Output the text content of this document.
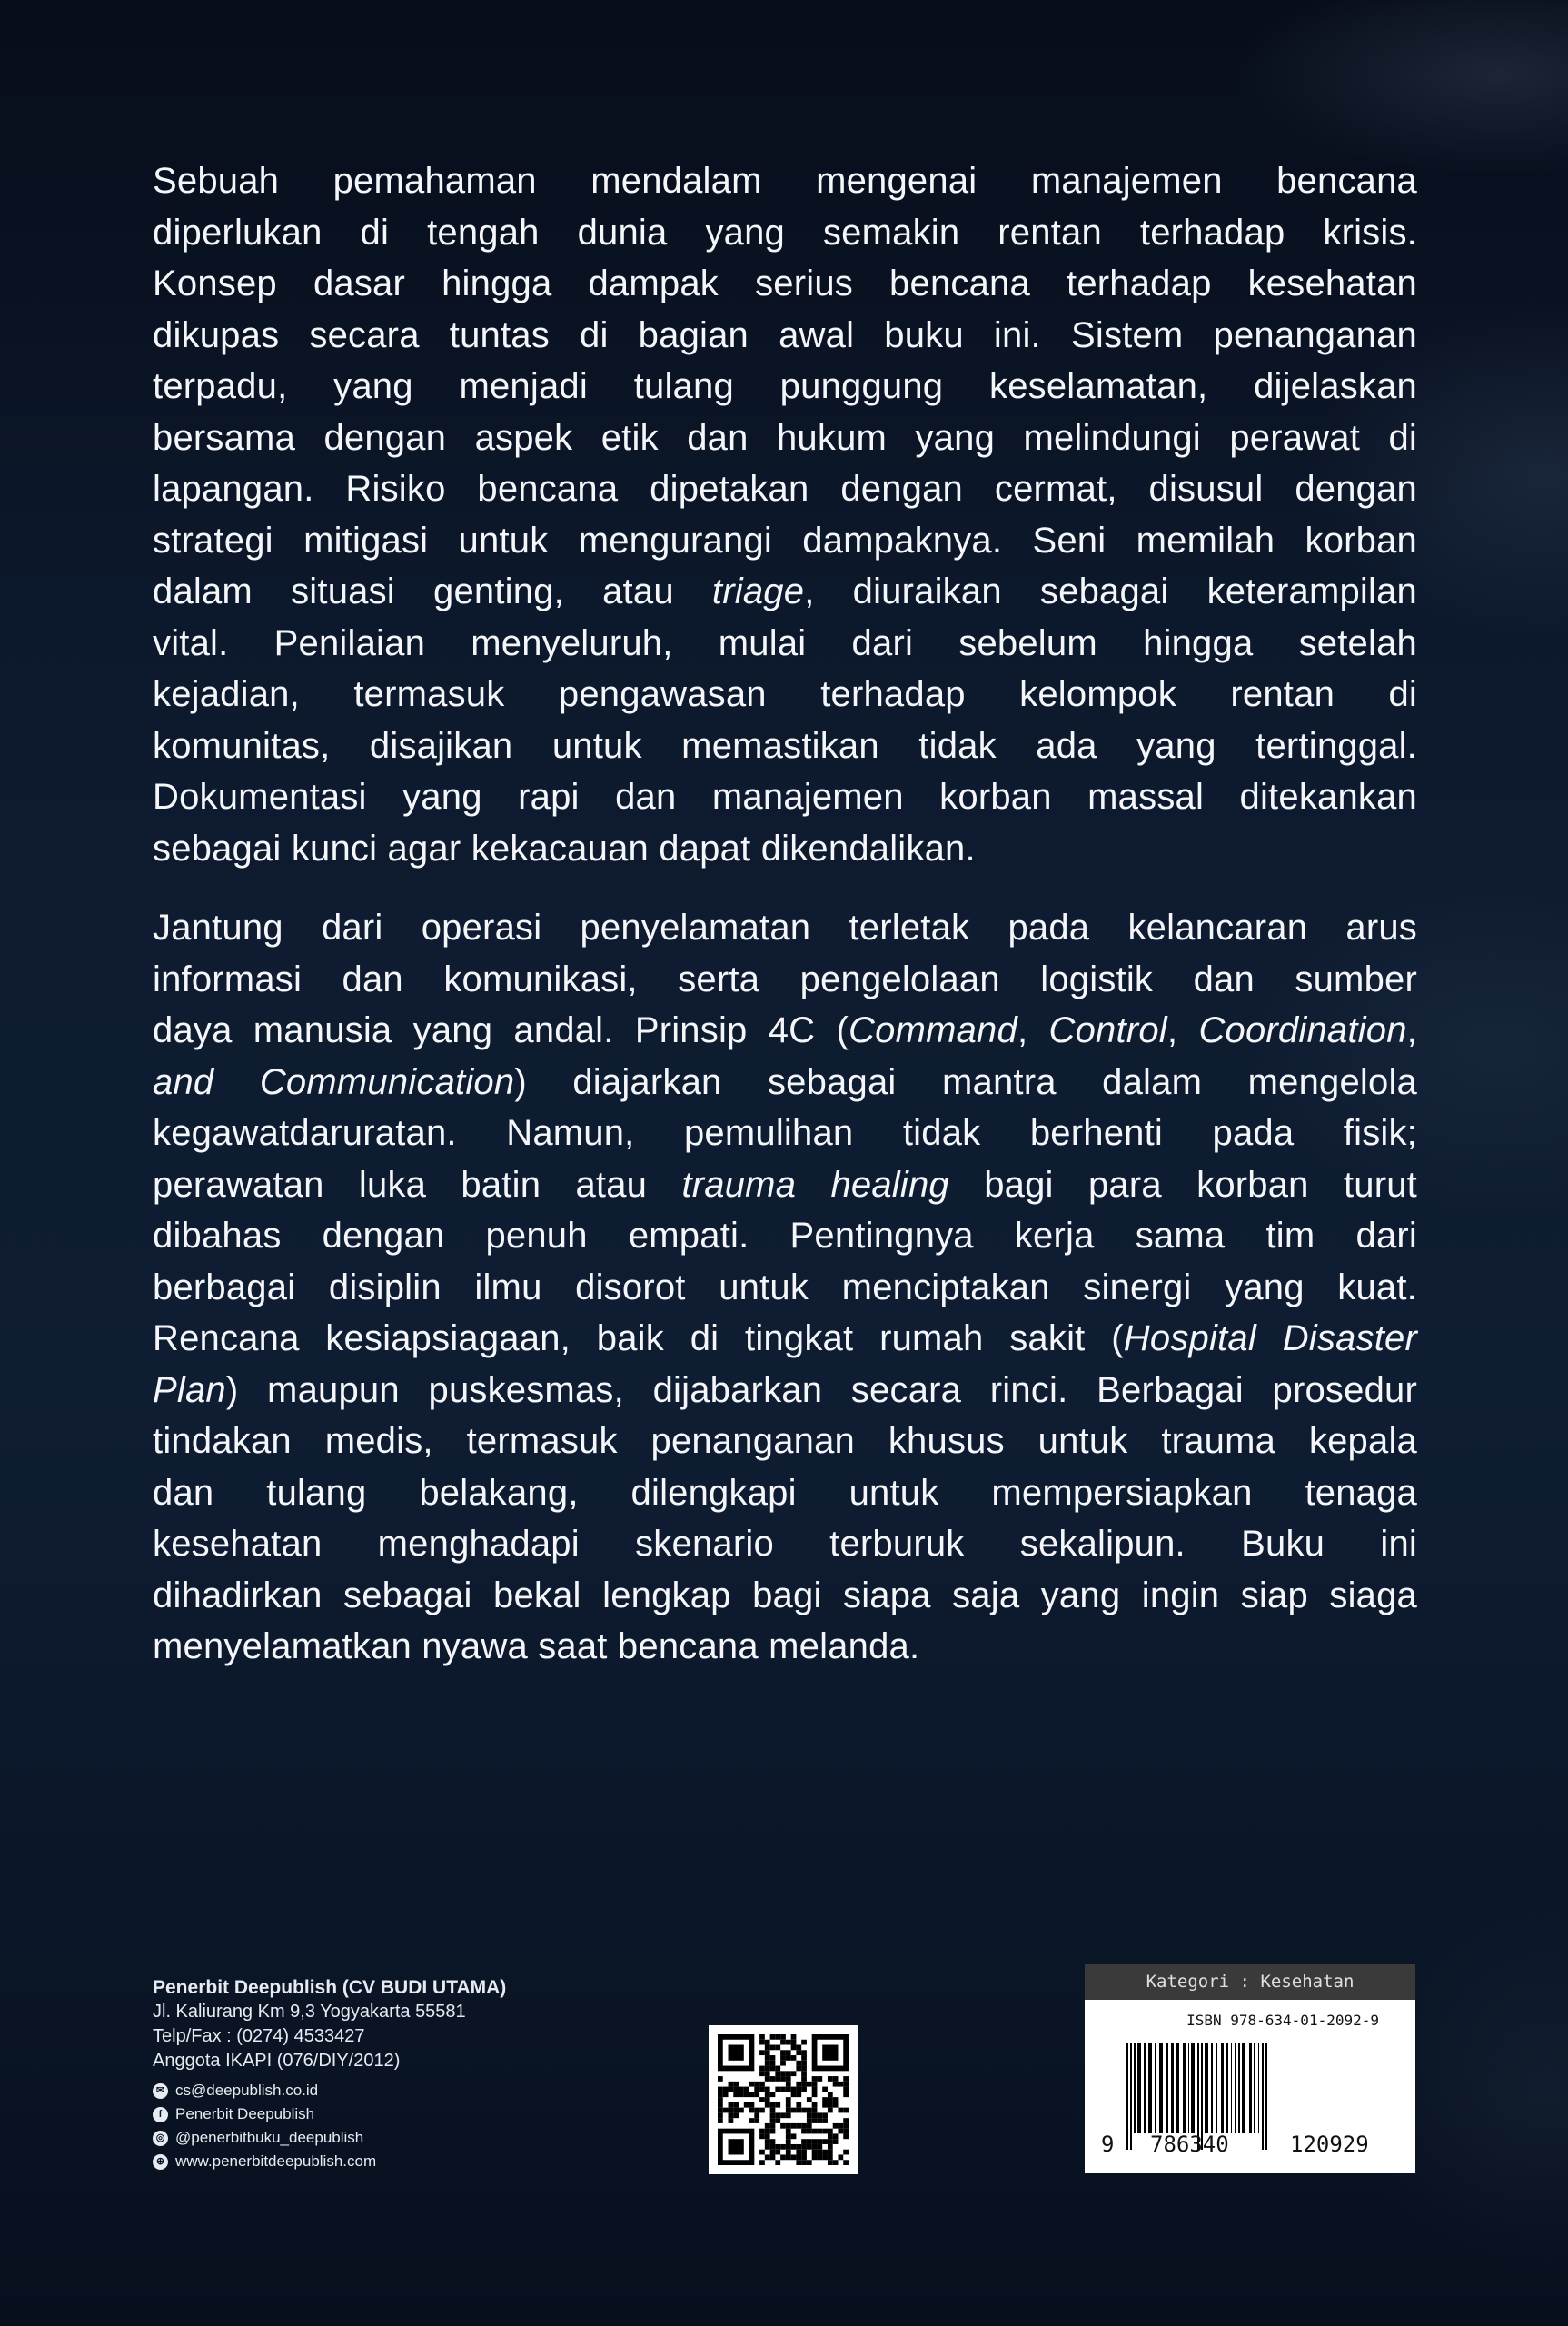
Sebuah pemahaman mendalam mengenai manajemen bencana
diperlukan di tengah dunia yang semakin rentan terhadap krisis.
Konsep dasar hingga dampak serius bencana terhadap kesehatan
dikupas secara tuntas di bagian awal buku ini. Sistem penanganan
terpadu, yang menjadi tulang punggung keselamatan, dijelaskan
bersama dengan aspek etik dan hukum yang melindungi perawat di
lapangan. Risiko bencana dipetakan dengan cermat, disusul dengan
strategi mitigasi untuk mengurangi dampaknya. Seni memilah korban
dalam situasi genting, atau triage, diuraikan sebagai keterampilan
vital. Penilaian menyeluruh, mulai dari sebelum hingga setelah
kejadian, termasuk pengawasan terhadap kelompok rentan di
komunitas, disajikan untuk memastikan tidak ada yang tertinggal.
Dokumentasi yang rapi dan manajemen korban massal ditekankan
sebagai kunci agar kekacauan dapat dikendalikan.
Jantung dari operasi penyelamatan terletak pada kelancaran arus
informasi dan komunikasi, serta pengelolaan logistik dan sumber
daya manusia yang andal. Prinsip 4C (Command, Control, Coordination,
and Communication) diajarkan sebagai mantra dalam mengelola
kegawatdaruratan. Namun, pemulihan tidak berhenti pada fisik;
perawatan luka batin atau trauma healing bagi para korban turut
dibahas dengan penuh empati. Pentingnya kerja sama tim dari
berbagai disiplin ilmu disorot untuk menciptakan sinergi yang kuat.
Rencana kesiapsiagaan, baik di tingkat rumah sakit (Hospital Disaster
Plan) maupun puskesmas, dijabarkan secara rinci. Berbagai prosedur
tindakan medis, termasuk penanganan khusus untuk trauma kepala
dan tulang belakang, dilengkapi untuk mempersiapkan tenaga
kesehatan menghadapi skenario terburuk sekalipun. Buku ini
dihadirkan sebagai bekal lengkap bagi siapa saja yang ingin siap siaga
menyelamatkan nyawa saat bencana melanda.
Penerbit Deepublish (CV BUDI UTAMA)
Jl. Kaliurang Km 9,3 Yogyakarta 55581
Telp/Fax : (0274) 4533427
Anggota IKAPI (076/DIY/2012)
✉ cs@deepublish.co.id
f Penerbit Deepublish
◎ @penerbitbuku_deepublish
⊕ www.penerbitdeepublish.com
Kategori : Kesehatan
ISBN 978-634-01-2092-9
9 786340	120929
